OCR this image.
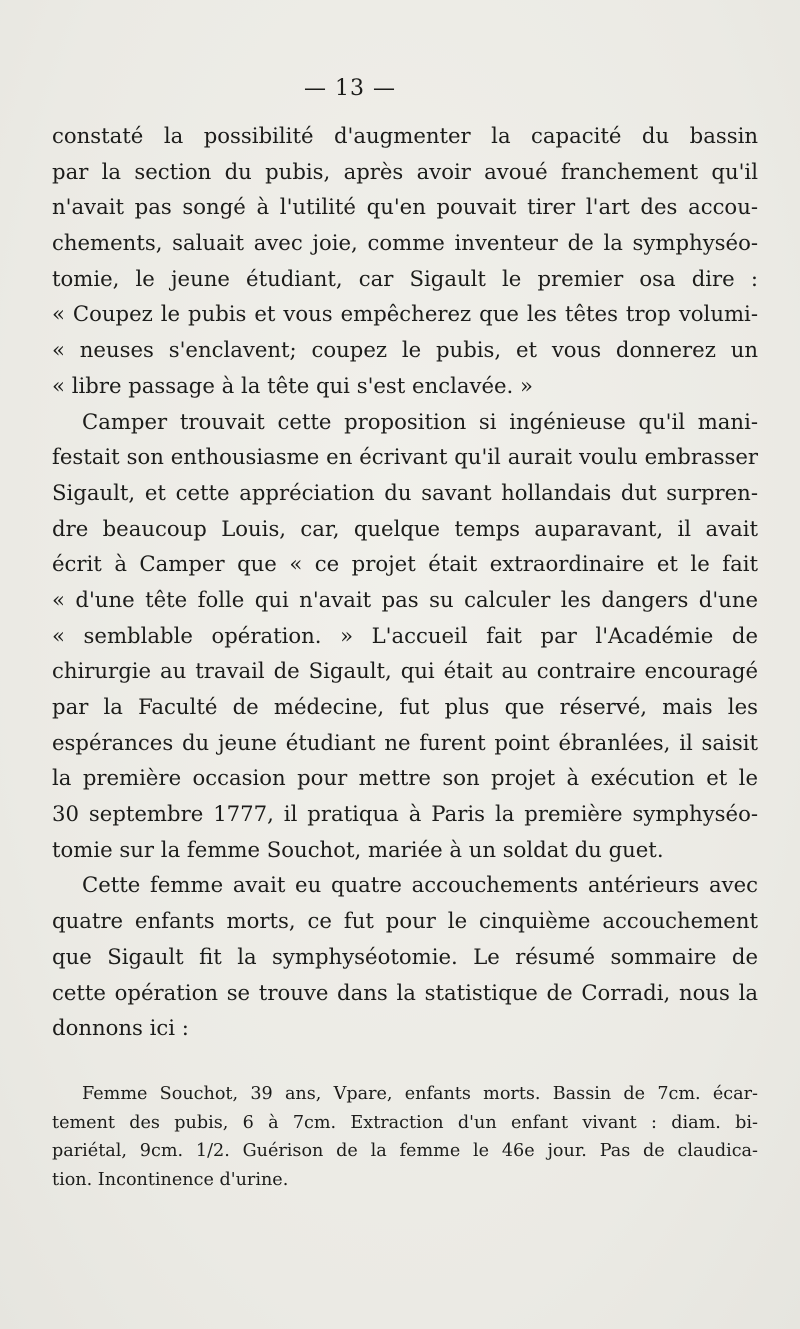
— 13 —
constaté la possibilité d'augmenter la capacité du bassin
par la section du pubis, après avoir avoué franchement qu'il
n'avait pas songé à l'utilité qu'en pouvait tirer l'art des accou-
chements, saluait avec joie, comme inventeur de la symphyséo-
tomie, le jeune étudiant, car Sigault le premier osa dire :
« Coupez le pubis et vous empêcherez que les têtes trop volumi-
« neuses s'enclavent; coupez le pubis, et vous donnerez un
« libre passage à la tête qui s'est enclavée. »
Camper trouvait cette proposition si ingénieuse qu'il mani-
festait son enthousiasme en écrivant qu'il aurait voulu embrasser
Sigault, et cette appréciation du savant hollandais dut surpren-
dre beaucoup Louis, car, quelque temps auparavant, il avait
écrit à Camper que « ce projet était extraordinaire et le fait
« d'une tête folle qui n'avait pas su calculer les dangers d'une
« semblable opération. » L'accueil fait par l'Académie de
chirurgie au travail de Sigault, qui était au contraire encouragé
par la Faculté de médecine, fut plus que réservé, mais les
espérances du jeune étudiant ne furent point ébranlées, il saisit
la première occasion pour mettre son projet à exécution et le
30 septembre 1777, il pratiqua à Paris la première symphyséo-
tomie sur la femme Souchot, mariée à un soldat du guet.
Cette femme avait eu quatre accouchements antérieurs avec
quatre enfants morts, ce fut pour le cinquième accouchement
que Sigault fit la symphyséotomie. Le résumé sommaire de
cette opération se trouve dans la statistique de Corradi, nous la
donnons ici :
Femme Souchot, 39 ans, Vpare, enfants morts. Bassin de 7cm. écar-
tement des pubis, 6 à 7cm. Extraction d'un enfant vivant : diam. bi-
pariétal, 9cm. 1/2. Guérison de la femme le 46e jour. Pas de claudica-
tion. Incontinence d'urine.
